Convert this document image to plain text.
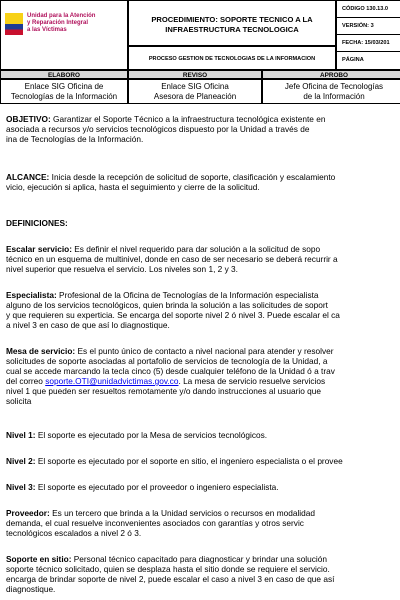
Unidad para la Atención
y Reparación Integral
a las Víctimas
PROCEDIMIENTO: SOPORTE TECNICO A LA
INFRAESTRUCTURA TECNOLOGICA
PROCESO GESTION DE TECNOLOGIAS DE LA INFORMACION
CÓDIGO 130.13.0
VERSIÓN: 3
FECHA: 15/03/201
PÁGINA
ELABORO	REVISO	APROBO
Enlace SIG Oficina de
Tecnologías de la Información
Enlace SIG Oficina
Asesora de Planeación
Jefe Oficina de Tecnologías
de la Información
OBJETIVO: Garantizar el Soporte Técnico a la infraestructura tecnológica existente en
asociada a recursos y/o servicios tecnológicos dispuesto por la Unidad a través de
ina de Tecnologías de la Información.
ALCANCE: Inicia desde la recepción de solicitud de soporte, clasificación y escalamiento
vicio, ejecución si aplica, hasta el seguimiento y cierre de la solicitud.
DEFINICIONES:
Escalar servicio: Es definir el nivel requerido para dar solución a la solicitud de sopo
técnico en un esquema de multinivel, donde en caso de ser necesario se deberá recurrir a
nivel superior que resuelva el servicio. Los niveles son 1, 2 y 3.
Especialista: Profesional de la Oficina de Tecnologías de la Información especialista
alguno de los servicios tecnológicos, quien brinda la solución a las solicitudes de soport
y que requieren su experticia. Se encarga del soporte nivel 2 ó nivel 3. Puede escalar el ca
a nivel 3 en caso de que así lo diagnostique.
Mesa de servicio: Es el punto único de contacto a nivel nacional para atender y resolver
solicitudes de soporte asociadas al portafolio de servicios de tecnología de la Unidad, a
cual se accede marcando la tecla cinco (5) desde cualquier teléfono de la Unidad ó a trav
del correo soporte.OTI@unidadvictimas.gov.co. La mesa de servicio resuelve servicios
nivel 1 que pueden ser resueltos remotamente y/o dando instrucciones al usuario que
solicita
Nivel 1: El soporte es ejecutado por la Mesa de servicios tecnológicos.
Nivel 2: El soporte es ejecutado por el soporte en sitio, el ingeniero especialista o el provee
Nivel 3: El soporte es ejecutado por el proveedor o ingeniero especialista.
Proveedor: Es un tercero que brinda a la Unidad servicios o recursos en modalidad
demanda, el cual resuelve inconvenientes asociados con garantías y otros servic
tecnológicos escalados a nivel 2 ó 3.
Soporte en sitio: Personal técnico capacitado para diagnosticar y brindar una solución
soporte técnico solicitado, quien se desplaza hasta el sitio donde se requiere el servicio.
encarga de brindar soporte de nivel 2, puede escalar el caso a nivel 3 en caso de que así
diagnostique.
